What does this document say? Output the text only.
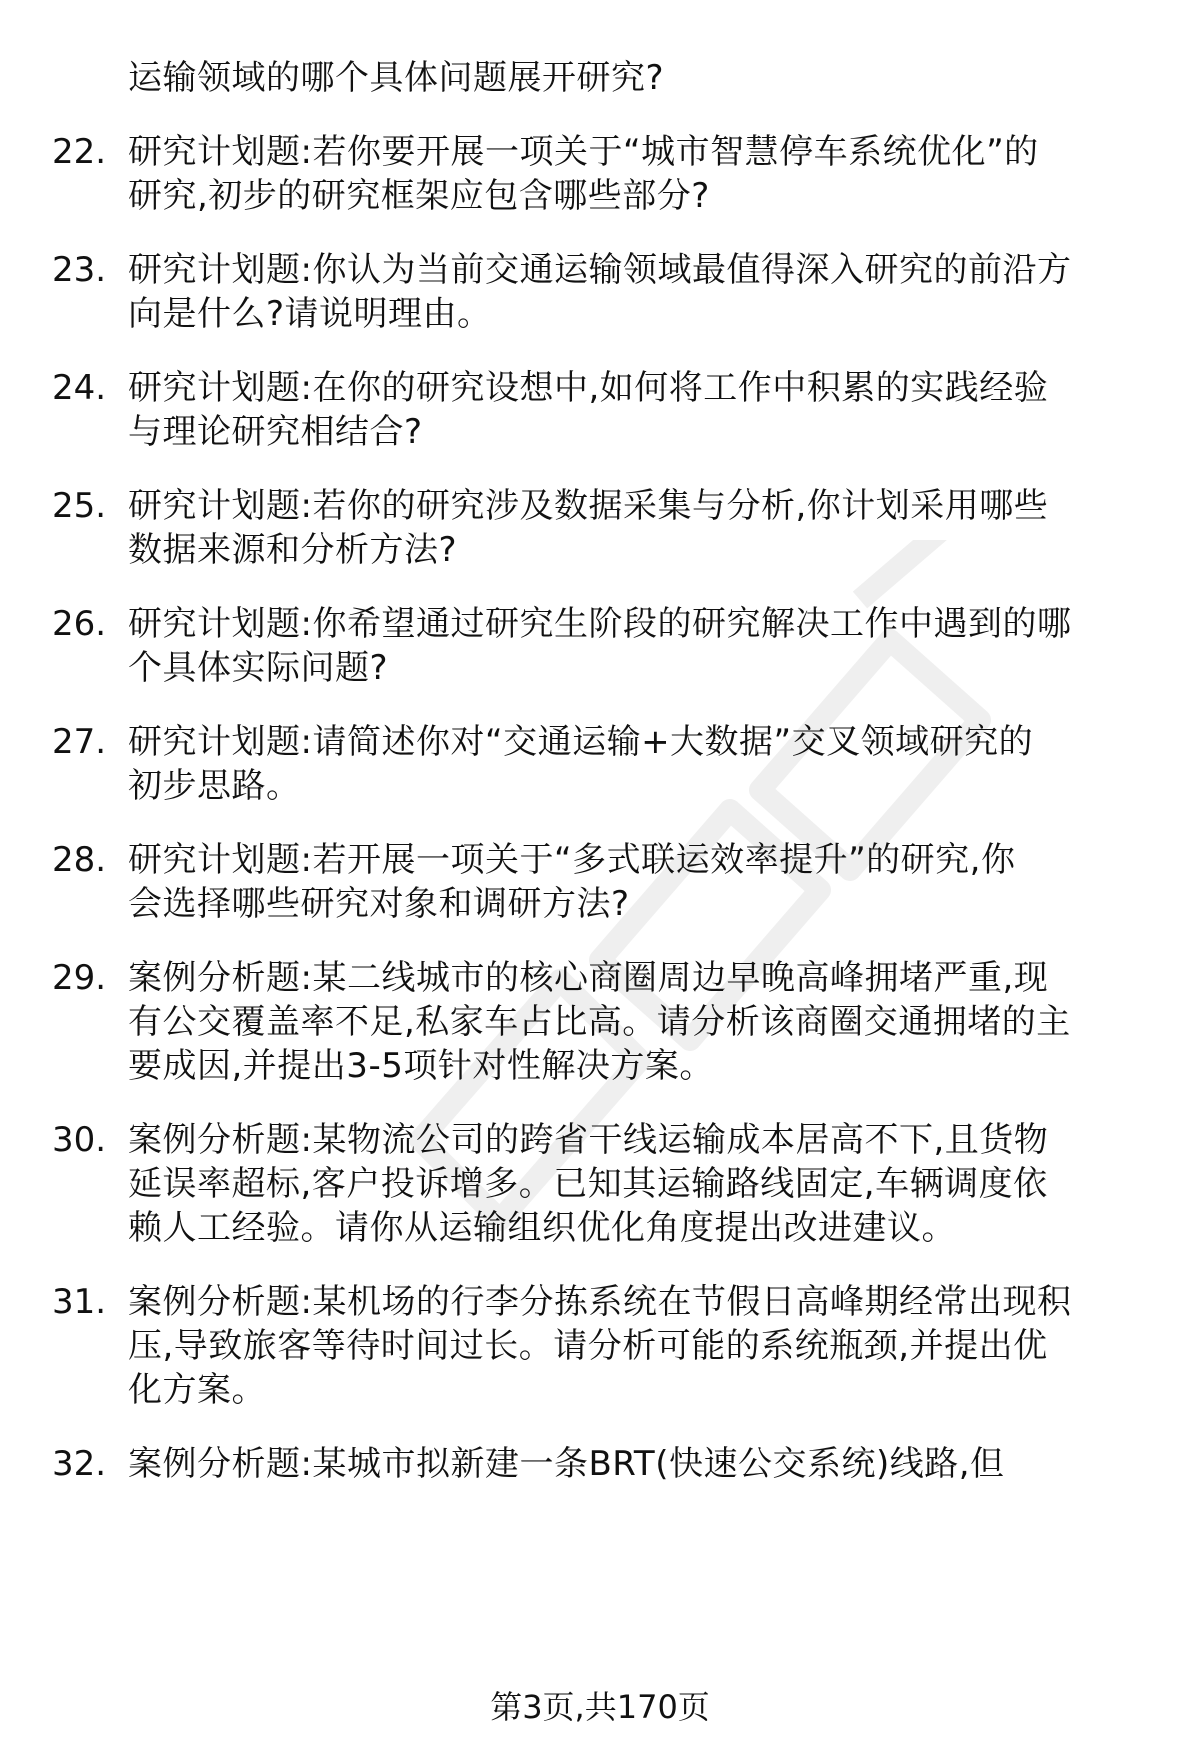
运输领域的哪个具体问题展开研究?
22. 研究计划题:若你要开展一项关于“城市智慧停车系统优化”的
研究,初步的研究框架应包含哪些部分?
23. 研究计划题:你认为当前交通运输领域最值得深入研究的前沿方
向是什么?请说明理由。
24. 研究计划题:在你的研究设想中,如何将工作中积累的实践经验
与理论研究相结合?
25. 研究计划题:若你的研究涉及数据采集与分析,你计划采用哪些
数据来源和分析方法?
26. 研究计划题:你希望通过研究生阶段的研究解决工作中遇到的哪
个具体实际问题?
27. 研究计划题:请简述你对“交通运输+大数据”交叉领域研究的
初步思路。
28. 研究计划题:若开展一项关于“多式联运效率提升”的研究,你
会选择哪些研究对象和调研方法?
29. 案例分析题:某二线城市的核心商圈周边早晚高峰拥堵严重,现
有公交覆盖率不足,私家车占比高。请分析该商圈交通拥堵的主
要成因,并提出3-5项针对性解决方案。
30. 案例分析题:某物流公司的跨省干线运输成本居高不下,且货物
延误率超标,客户投诉增多。已知其运输路线固定,车辆调度依
赖人工经验。请你从运输组织优化角度提出改进建议。
31. 案例分析题:某机场的行李分拣系统在节假日高峰期经常出现积
压,导致旅客等待时间过长。请分析可能的系统瓶颈,并提出优
化方案。
32. 案例分析题:某城市拟新建一条BRT(快速公交系统)线路,但
第3页,共170页
